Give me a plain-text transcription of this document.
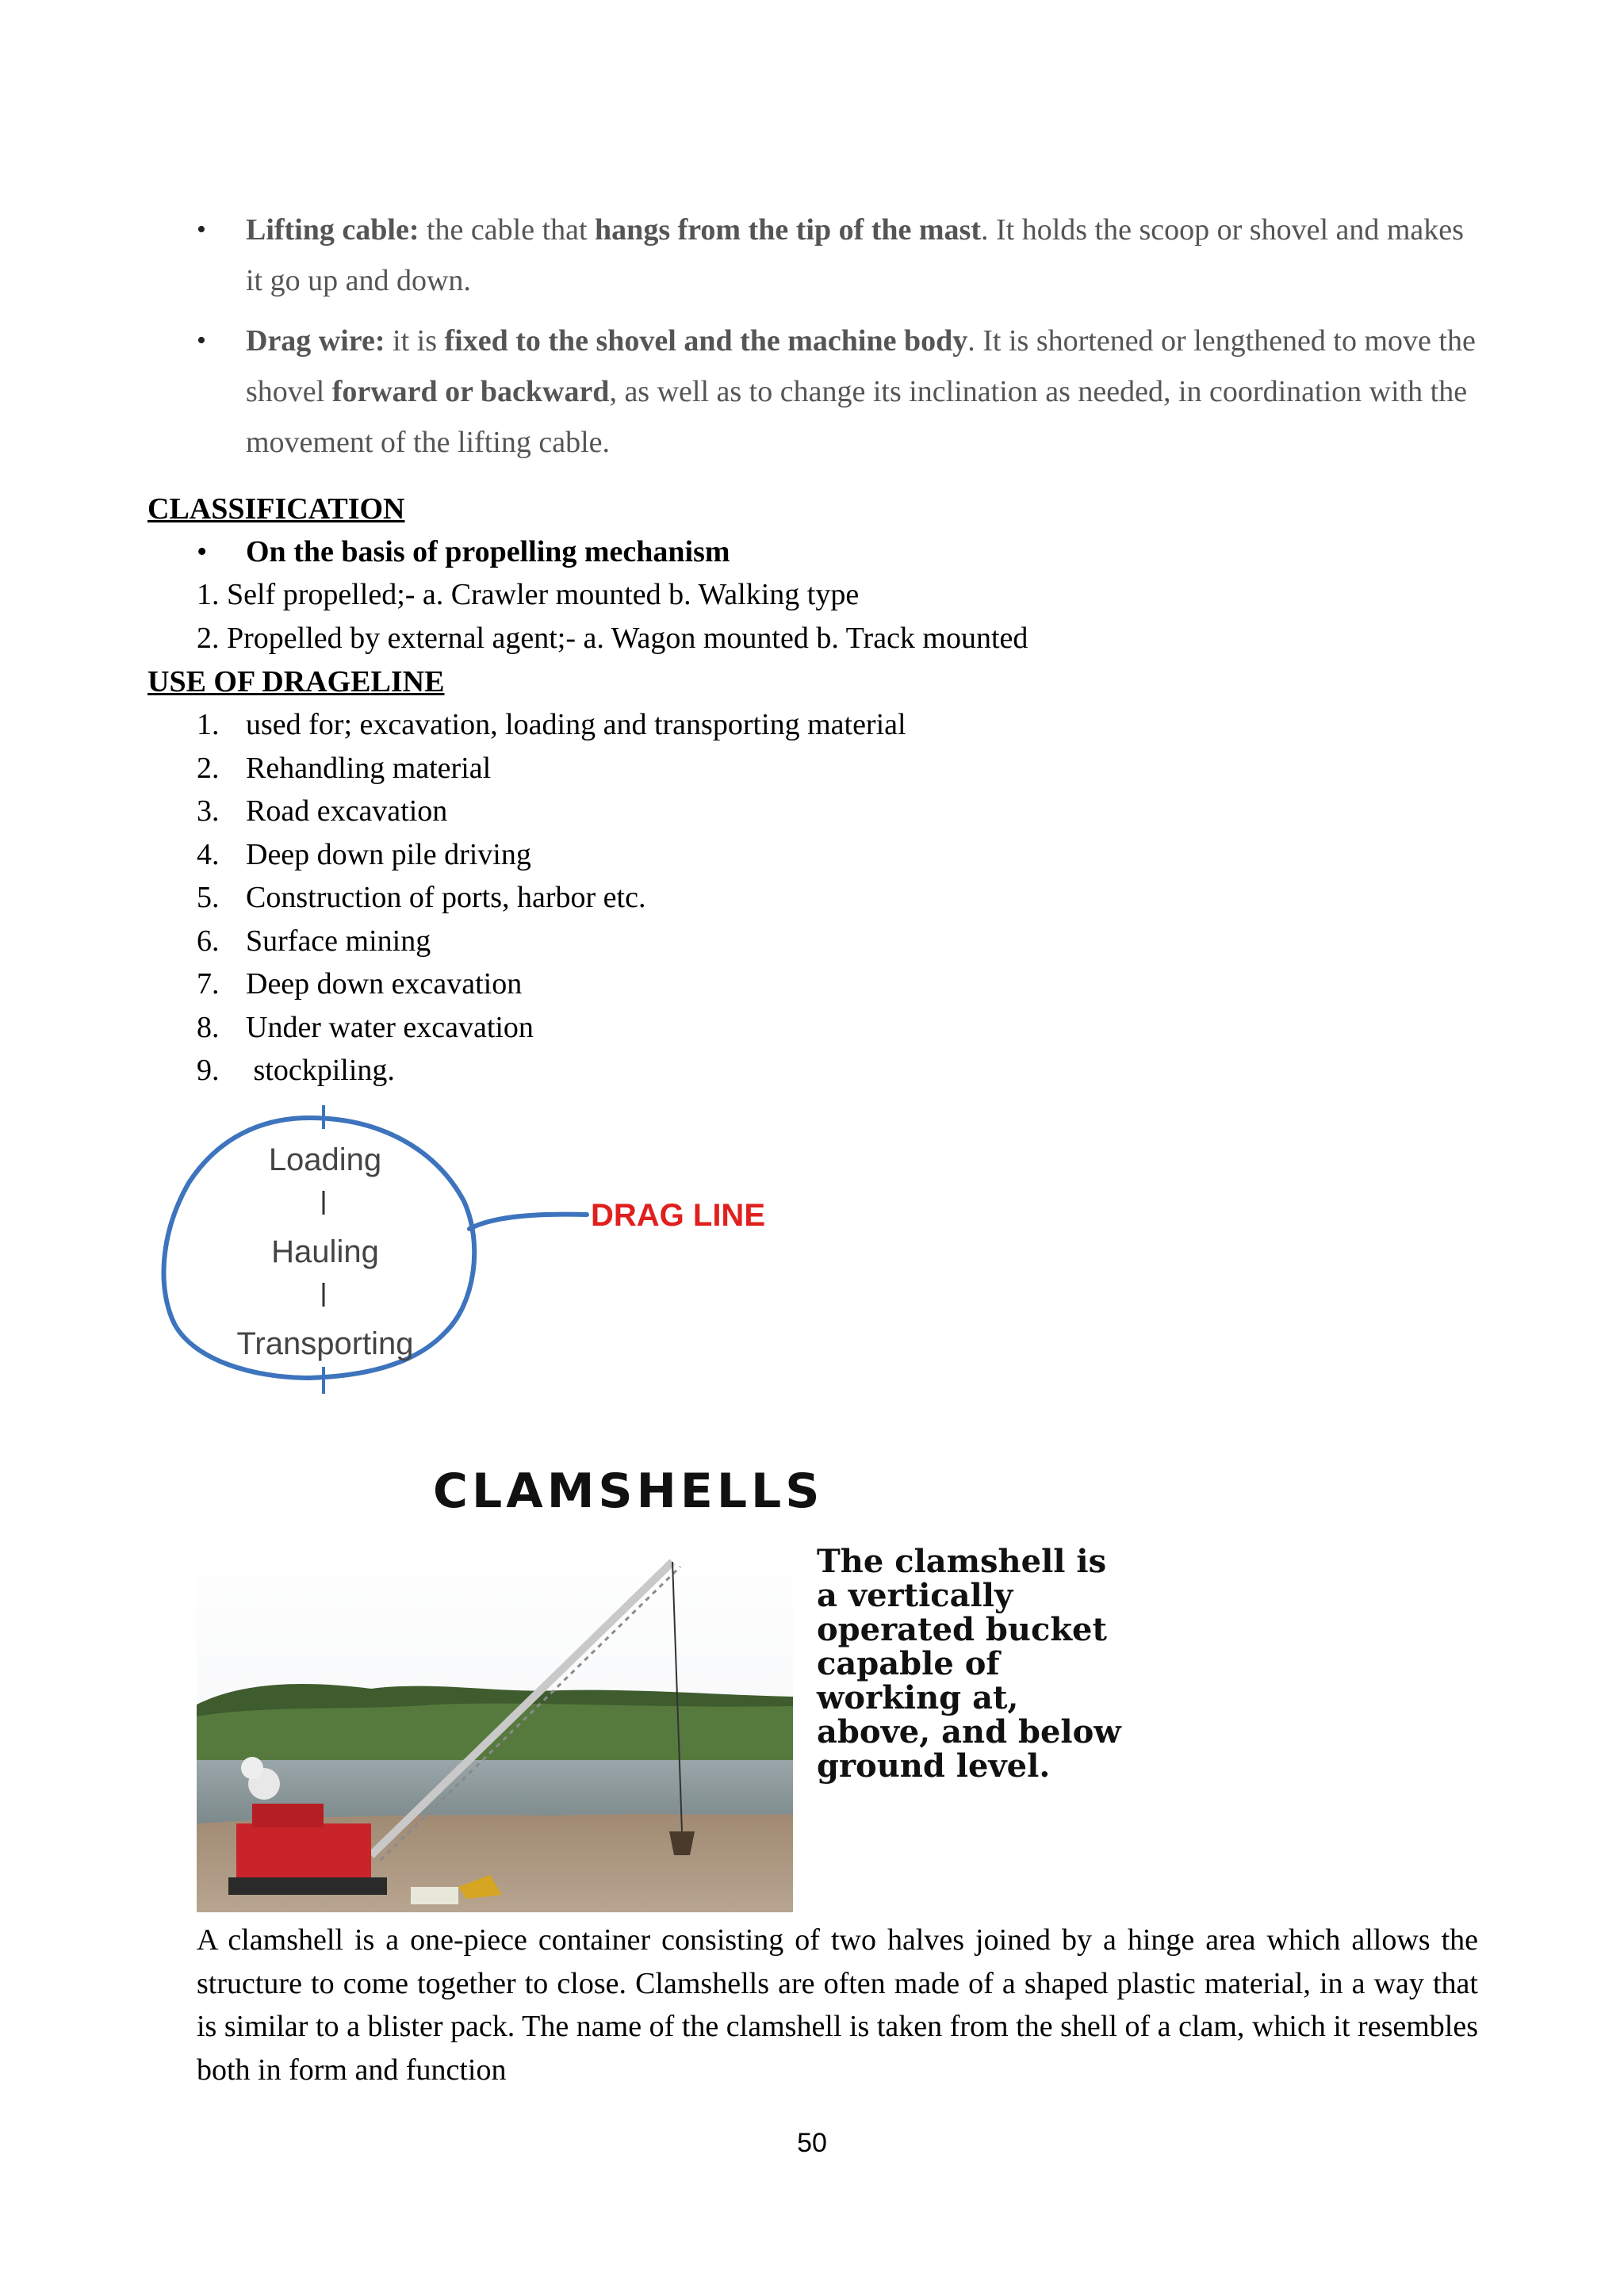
•	Lifting cable: the cable that hangs from the tip of the mast. It holds the scoop or shovel and makes it go up and down.
•	Drag wire: it is fixed to the shovel and the machine body. It is shortened or lengthened to move the shovel forward or backward, as well as to change its inclination as needed, in coordination with the movement of the lifting cable.
CLASSIFICATION
• On the basis of propelling mechanism
1. Self propelled;- a. Crawler mounted b. Walking type
2. Propelled by external agent;- a. Wagon mounted b. Track mounted
USE OF DRAGELINE
1. used for; excavation, loading and transporting material
2. Rehandling material
3. Road excavation
4. Deep down pile driving
5. Construction of ports, harbor etc.
6. Surface mining
7. Deep down excavation
8. Under water excavation
9. stockpiling.
Loading
Hauling
Transporting
DRAG LINE
CLAMSHELLS
The clamshell is a vertically operated bucket capable of working at, above, and below ground level.
A clamshell is a one-piece container consisting of two halves joined by a hinge area which allows the structure to come together to close. Clamshells are often made of a shaped plastic material, in a way that is similar to a blister pack. The name of the clamshell is taken from the shell of a clam, which it resembles both in form and function
50
